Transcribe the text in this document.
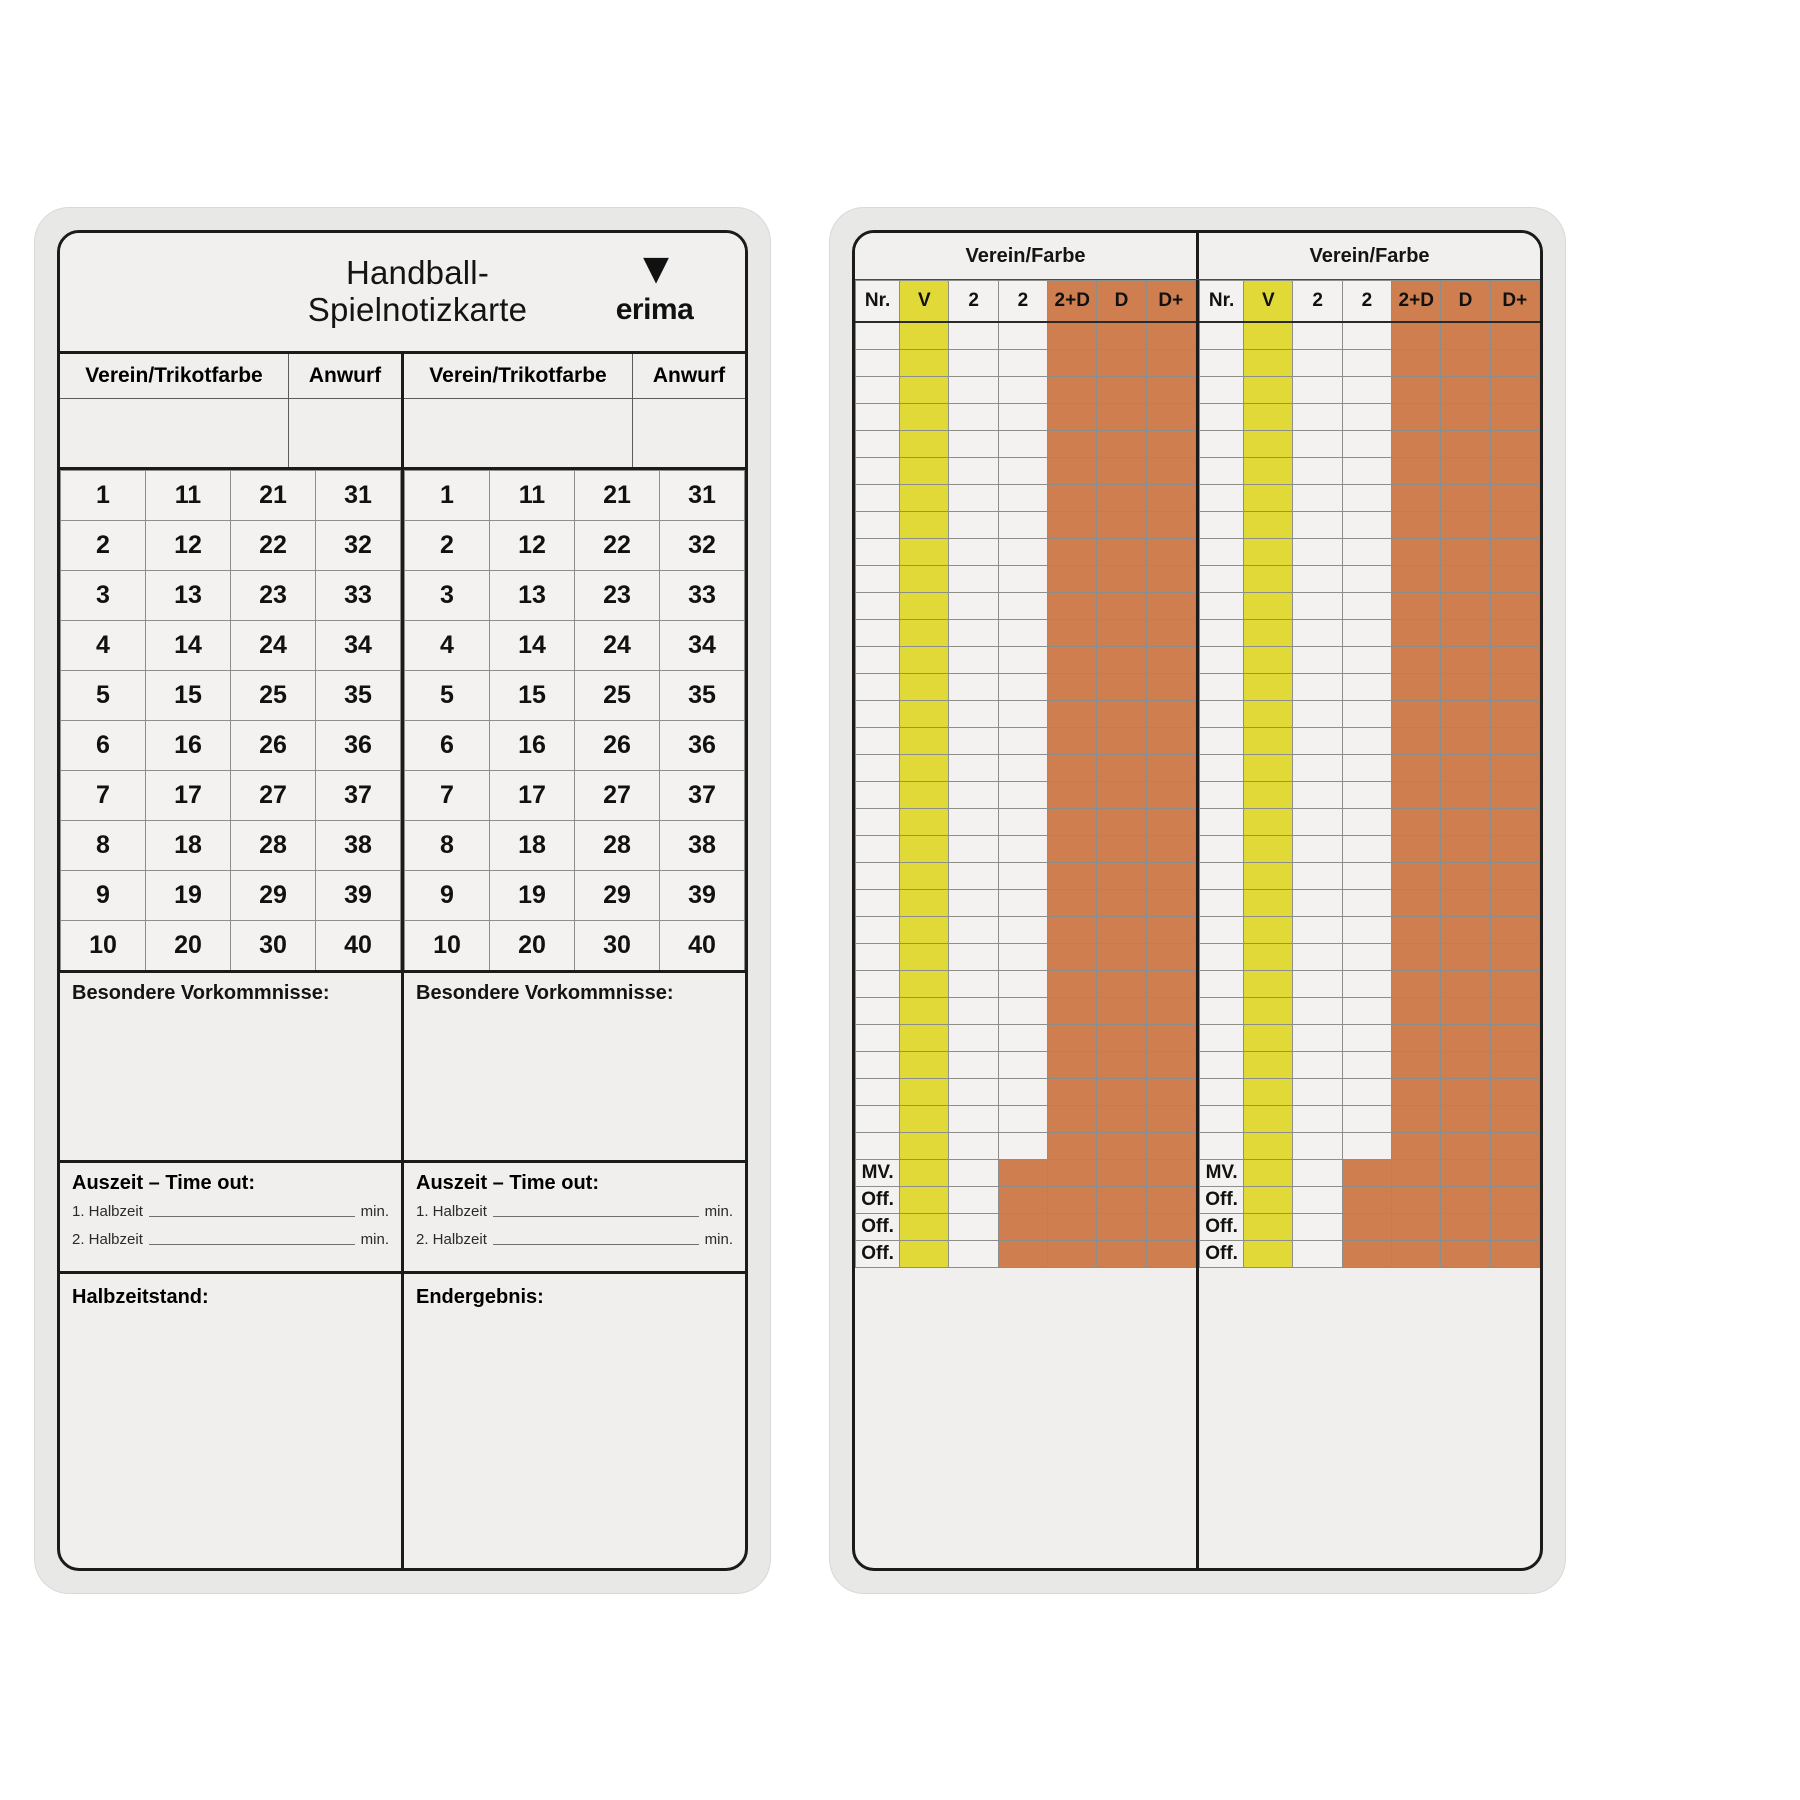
Handball-
Spielnotizkarte
▼
erima
Verein/Trikotfarbe	Anwurf
1	11	21	31
2	12	22	32
3	13	23	33
4	14	24	34
5	15	25	35
6	16	26	36
7	17	27	37
8	18	28	38
9	19	29	39
10	20	30	40
Besondere Vorkommnisse:
Auszeit – Time out:
1. Halbzeit	min.
2. Halbzeit	min.
Halbzeitstand:
Verein/Trikotfarbe	Anwurf
1	11	21	31
2	12	22	32
3	13	23	33
4	14	24	34
5	15	25	35
6	16	26	36
7	17	27	37
8	18	28	38
9	19	29	39
10	20	30	40
Besondere Vorkommnisse:
Auszeit – Time out:
1. Halbzeit	min.
2. Halbzeit	min.
Endergebnis:
Verein/Farbe	Verein/Farbe
Nr.	V	2	2	2+D	D	D+

MV.						
Off.						
Off.						
Off.						
Nr.	V	2	2	2+D	D	D+

MV.						
Off.						
Off.						
Off.						
